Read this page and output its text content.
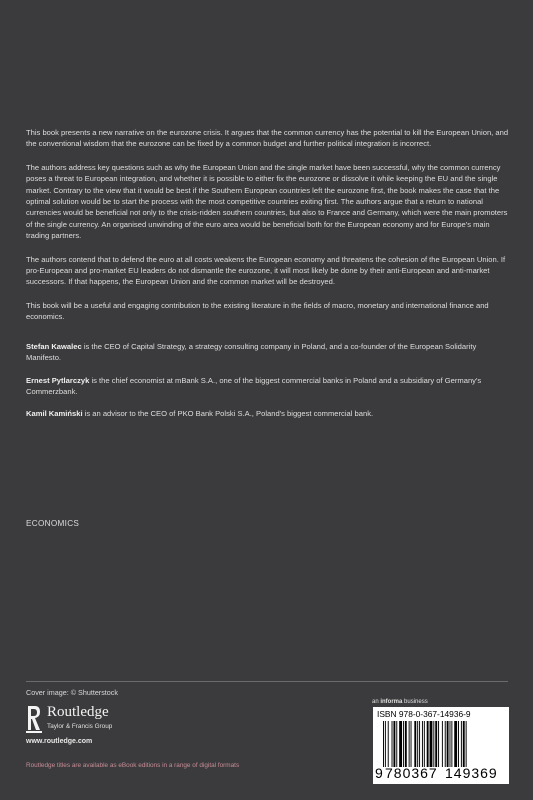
This book presents a new narrative on the eurozone crisis. It argues that the common currency has the potential to kill the European Union, and the conventional wisdom that the eurozone can be fixed by a common budget and further political integration is incorrect.

The authors address key questions such as why the European Union and the single market have been successful, why the common currency poses a threat to European integration, and whether it is possible to either fix the eurozone or dissolve it while keeping the EU and the single market. Contrary to the view that it would be best if the Southern European countries left the eurozone first, the book makes the case that the optimal solution would be to start the process with the most competitive countries exiting first. The authors argue that a return to national currencies would be beneficial not only to the crisis-ridden southern countries, but also to France and Germany, which were the main promoters of the single currency. An organised unwinding of the euro area would be beneficial both for the European economy and for Europe's main trading partners.

The authors contend that to defend the euro at all costs weakens the European economy and threatens the cohesion of the European Union. If pro-European and pro-market EU leaders do not dismantle the eurozone, it will most likely be done by their anti-European and anti-market successors. If that happens, the European Union and the common market will be destroyed.

This book will be a useful and engaging contribution to the existing literature in the fields of macro, monetary and international finance and economics.

Stefan Kawalec is the CEO of Capital Strategy, a strategy consulting company in Poland, and a co-founder of the European Solidarity Manifesto.

Ernest Pytlarczyk is the chief economist at mBank S.A., one of the biggest commercial banks in Poland and a subsidiary of Germany's Commerzbank.

Kamil Kamiński is an advisor to the CEO of PKO Bank Polski S.A., Poland's biggest commercial bank.

ECONOMICS
Cover image: © Shutterstock
Routledge
Taylor & Francis Group
www.routledge.com
Routledge titles are available as eBook editions in a range of digital formats
an informa business
ISBN 978-0-367-14936-9
9 780367 149369
